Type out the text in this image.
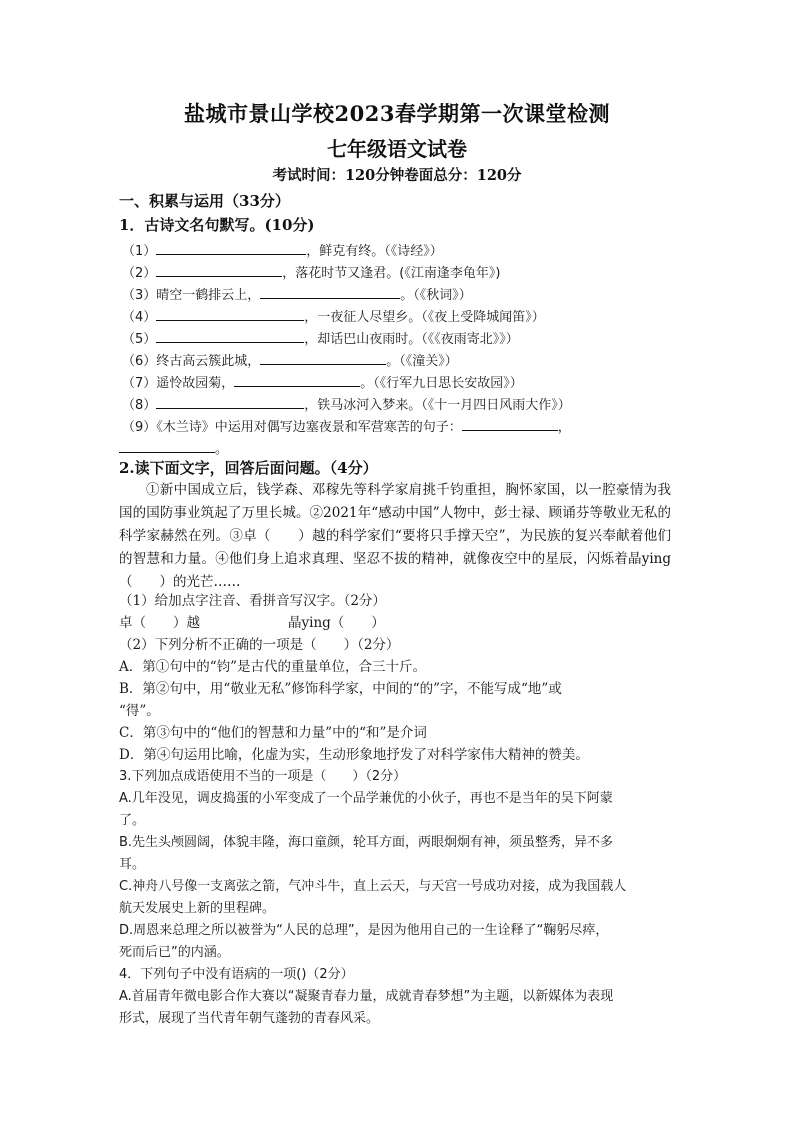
盐城市景山学校2023春学期第一次课堂检测
七年级语文试卷
考试时间：120分钟卷面总分：120分
一、积累与运用（33分）
1．古诗文名句默写。(10分)
（1）	，鲜克有终。（《诗经》）
（2）	，落花时节又逢君。(《江南逢李龟年》)
（3）晴空一鹤排云上，	。（《秋词》）
（4）	，一夜征人尽望乡。（《夜上受降城闻笛》）
（5）	，却话巴山夜雨时。（《《夜雨寄北》》）
（6）终古高云簇此城，	。（《潼关》）
（7）遥怜故园菊，	。（《行军九日思长安故园》）
（8）	，铁马冰河入梦来。（《十一月四日风雨大作》）
（9）《木兰诗》中运用对偶写边塞夜景和军营寒苦的句子：	，
。
2.读下面文字，回答后面问题。（4分）
①新中国成立后，钱学森、邓稼先等科学家肩挑千钧重担，胸怀家国，以一腔豪情为我国的国防事业筑起了万里长城。②2021年“感动中国”人物中，彭士禄、顾诵芬等敬业无私的科学家赫然在列。③卓（　　）越的科学家们“要将只手撑天空”，为民族的复兴奉献着他们的智慧和力量。④他们身上追求真理、坚忍不拔的精神，就像夜空中的星辰，闪烁着晶ying（　　）的光芒……
（1）给加点字注音、看拼音写汉字。（2分）
卓（　　）越	晶ying（　　）
（2）下列分析不正确的一项是（　　）（2分）
A．第①句中的“钧”是古代的重量单位，合三十斤。
B．第②句中，用“敬业无私”修饰科学家，中间的“的”字，不能写成“地”或
“得”。
C．第③句中的“他们的智慧和力量”中的“和”是介词
D．第④句运用比喻，化虚为实，生动形象地抒发了对科学家伟大精神的赞美。
3.下列加点成语使用不当的一项是（　　）（2分）
A.几年没见，调皮捣蛋的小军变成了一个品学兼优的小伙子，再也不是当年的吴下阿蒙
了。
B.先生头颅圆阔，体貌丰隆，海口童颜，轮耳方面，两眼炯炯有神，须虽整秀，异不多
耳。
C.神舟八号像一支离弦之箭，气冲斗牛，直上云天，与天宫一号成功对接，成为我国载人
航天发展史上新的里程碑。
D.周恩来总理之所以被誉为“人民的总理”，是因为他用自己的一生诠释了“鞠躬尽瘁，
死而后已”的内涵。
4．下列句子中没有语病的一项()（2分）
A.首届青年微电影合作大赛以“凝聚青春力量，成就青春梦想”为主题，以新媒体为表现
形式，展现了当代青年朝气蓬勃的青春风采。
